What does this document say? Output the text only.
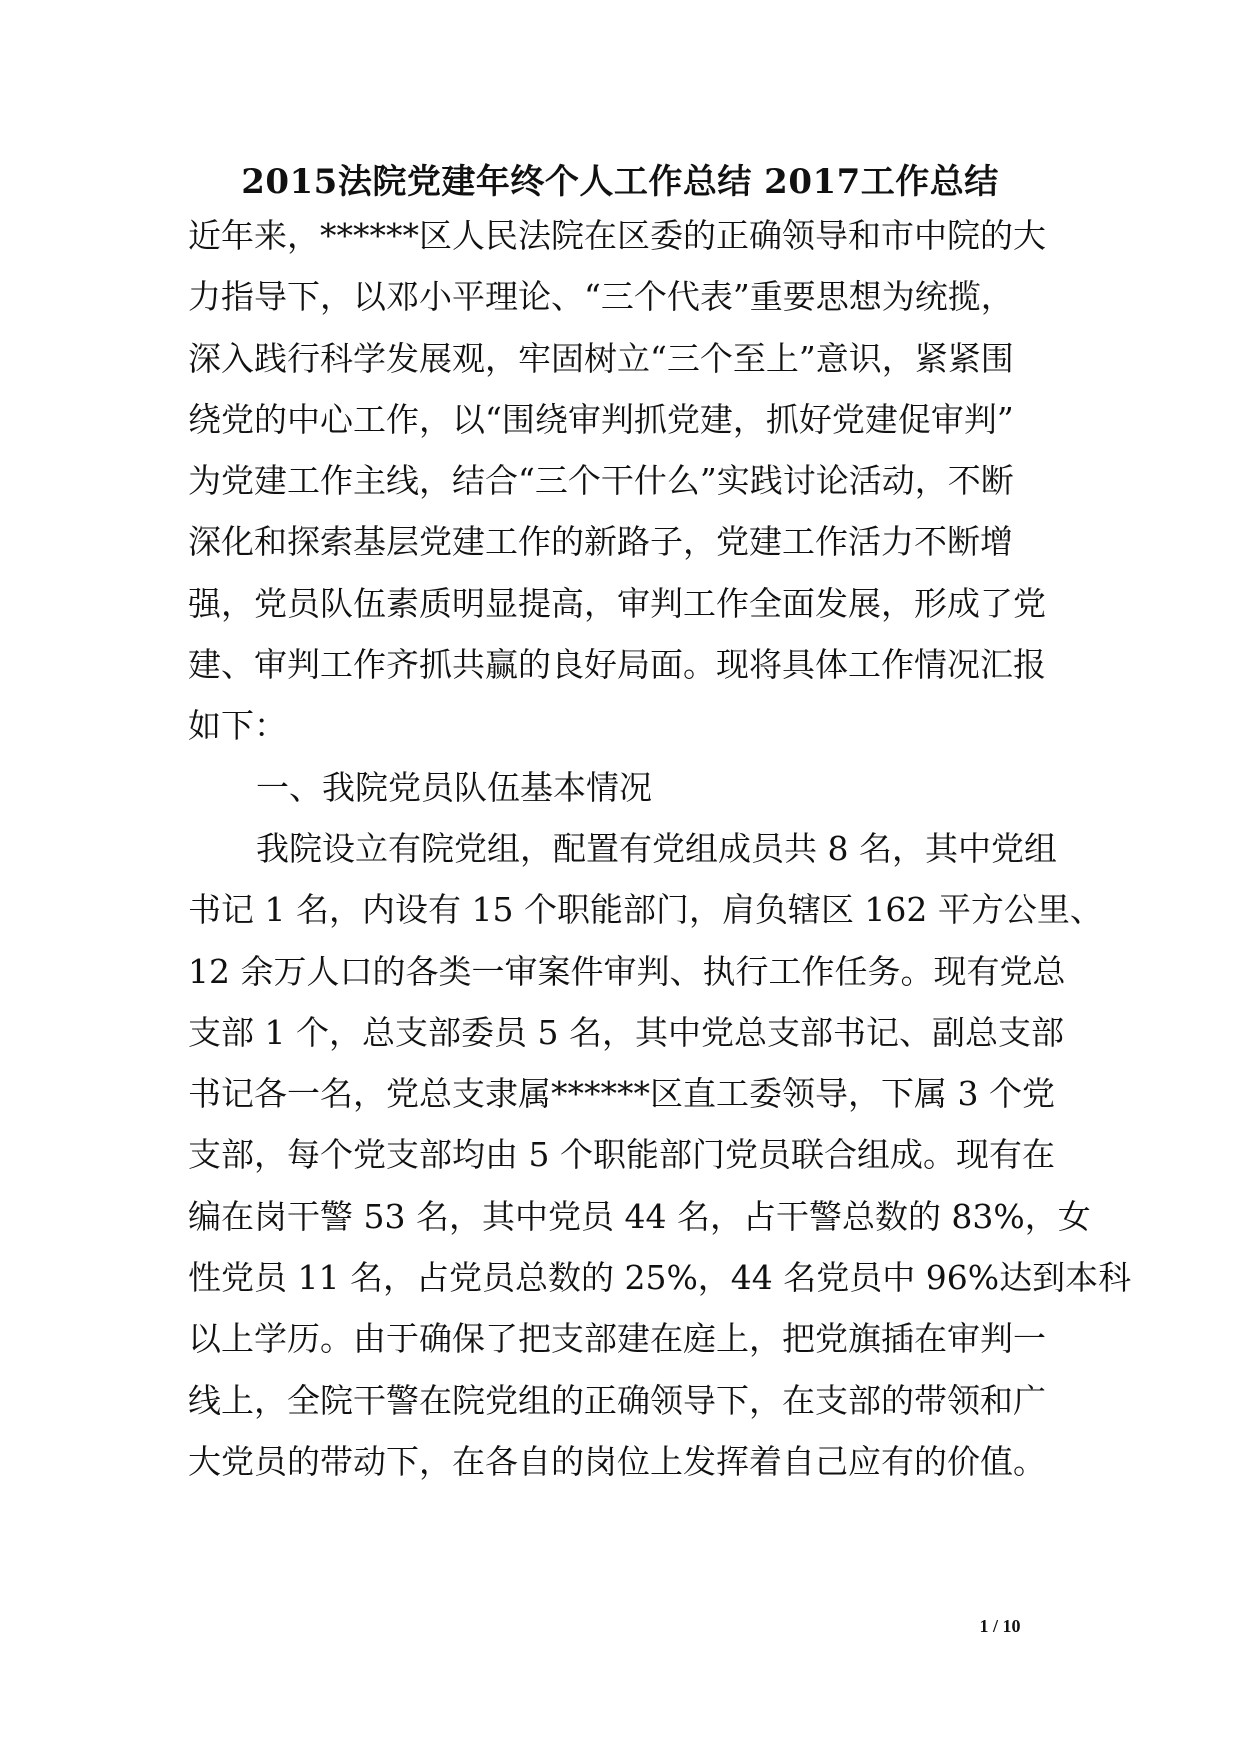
2015法院党建年终个人工作总结 2017工作总结
近年来，******区人民法院在区委的正确领导和市中院的大
力指导下，以邓小平理论、“三个代表”重要思想为统揽，
深入践行科学发展观，牢固树立“三个至上”意识，紧紧围
绕党的中心工作，以“围绕审判抓党建，抓好党建促审判”
为党建工作主线，结合“三个干什么”实践讨论活动，不断
深化和探索基层党建工作的新路子，党建工作活力不断增
强，党员队伍素质明显提高，审判工作全面发展，形成了党
建、审判工作齐抓共赢的良好局面。现将具体工作情况汇报
如下：
一、我院党员队伍基本情况
我院设立有院党组，配置有党组成员共 8 名，其中党组
书记 1 名，内设有 15 个职能部门，肩负辖区 162 平方公里、
12 余万人口的各类一审案件审判、执行工作任务。现有党总
支部 1 个，总支部委员 5 名，其中党总支部书记、副总支部
书记各一名，党总支隶属******区直工委领导，下属 3 个党
支部，每个党支部均由 5 个职能部门党员联合组成。现有在
编在岗干警 53 名，其中党员 44 名，占干警总数的 83%，女
性党员 11 名，占党员总数的 25%，44 名党员中 96%达到本科
以上学历。由于确保了把支部建在庭上，把党旗插在审判一
线上，全院干警在院党组的正确领导下，在支部的带领和广
大党员的带动下，在各自的岗位上发挥着自己应有的价值。
1 / 10
